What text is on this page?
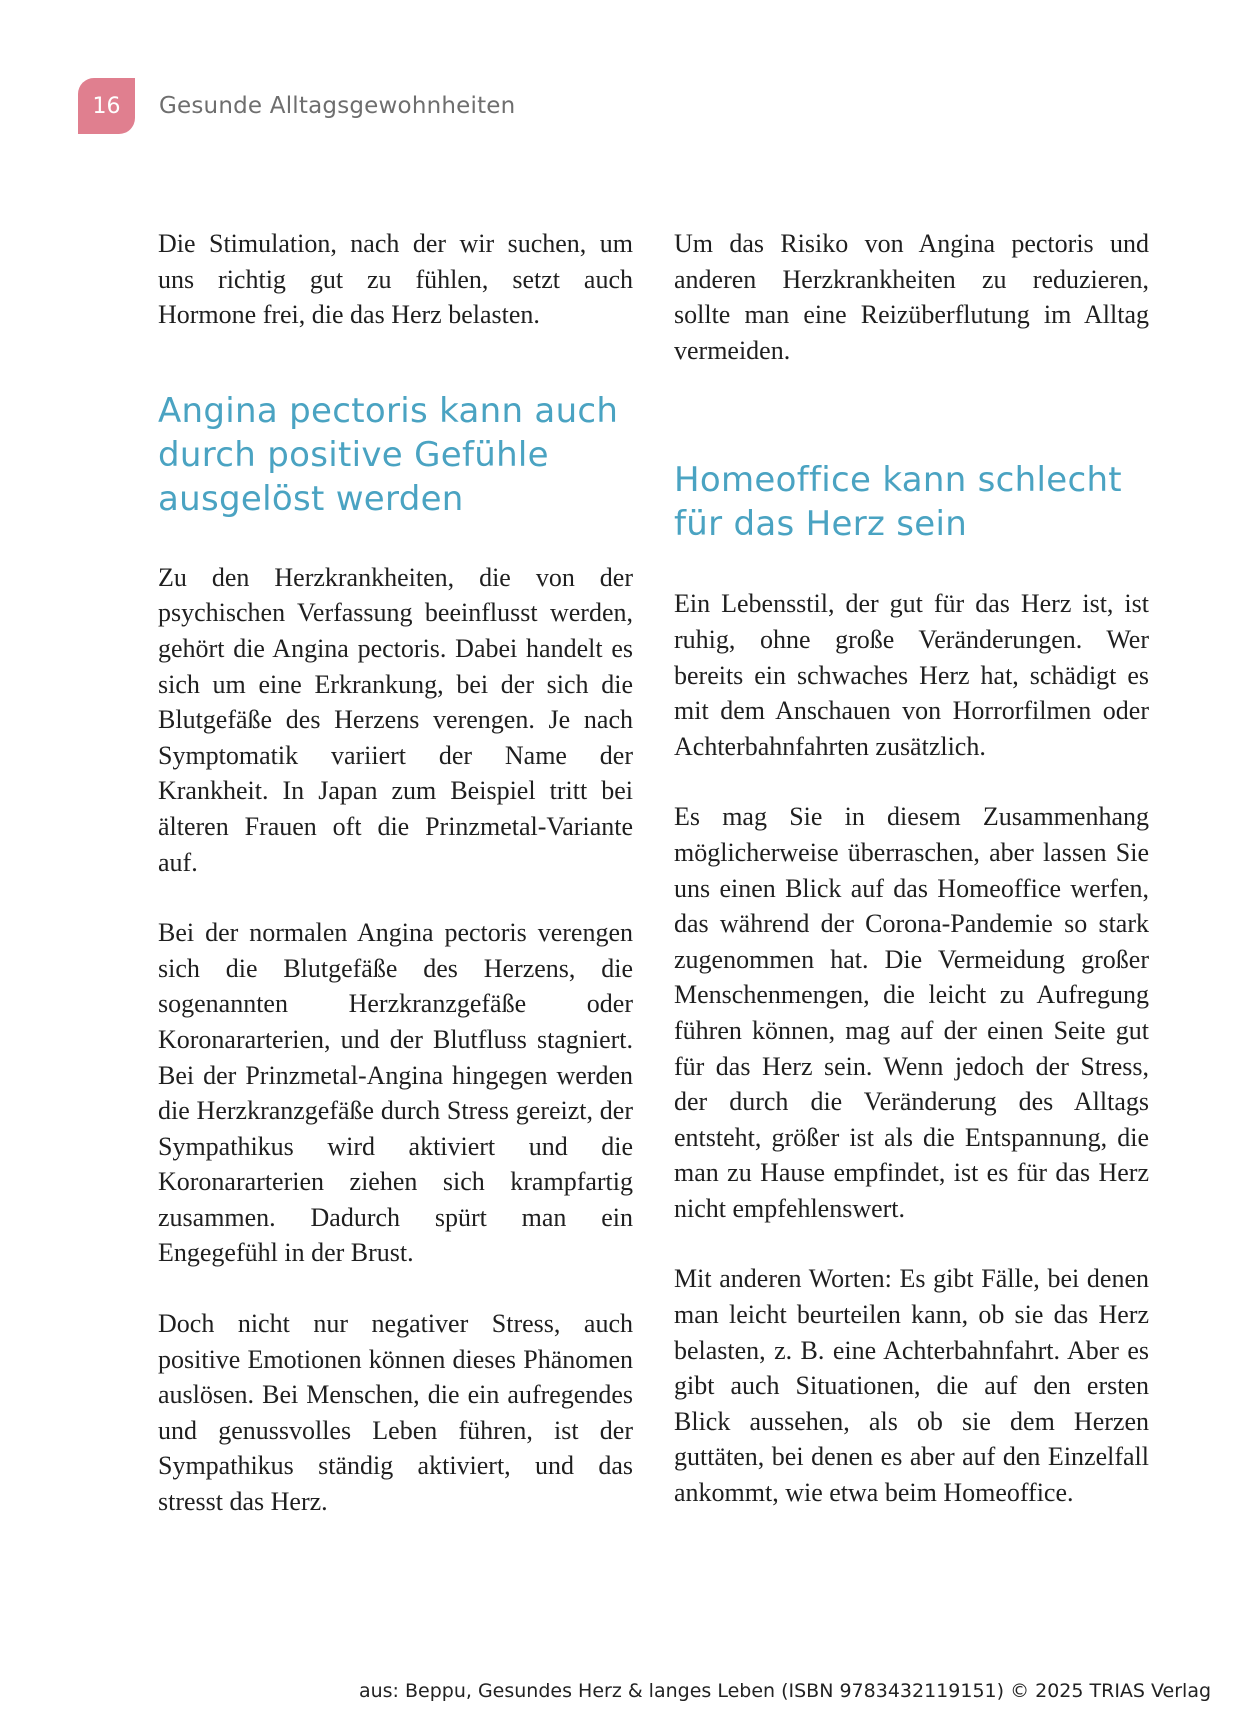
16	Gesunde Alltagsgewohnheiten

Die Stimulation, nach der wir suchen, um uns richtig gut zu fühlen, setzt auch Hormone frei, die das Herz belasten.

Angina pectoris kann auch durch positive Gefühle ausgelöst werden

Zu den Herzkrankheiten, die von der psychischen Verfassung beeinflusst werden, gehört die Angina pectoris. Dabei handelt es sich um eine Erkrankung, bei der sich die Blutgefäße des Herzens verengen. Je nach Symptomatik variiert der Name der Krankheit. In Japan zum Beispiel tritt bei älteren Frauen oft die Prinzmetal-Variante auf.

Bei der normalen Angina pectoris verengen sich die Blutgefäße des Herzens, die sogenannten Herzkranzgefäße oder Koronararterien, und der Blutfluss stagniert. Bei der Prinzmetal-Angina hingegen werden die Herzkranzgefäße durch Stress gereizt, der Sympathikus wird aktiviert und die Koronararterien ziehen sich krampfartig zusammen. Dadurch spürt man ein Engegefühl in der Brust.

Doch nicht nur negativer Stress, auch positive Emotionen können dieses Phänomen auslösen. Bei Menschen, die ein aufregendes und genussvolles Leben führen, ist der Sympathikus ständig aktiviert, und das stresst das Herz.

Um das Risiko von Angina pectoris und anderen Herzkrankheiten zu reduzieren, sollte man eine Reizüberflutung im Alltag vermeiden.

Homeoffice kann schlecht für das Herz sein

Ein Lebensstil, der gut für das Herz ist, ist ruhig, ohne große Veränderungen. Wer bereits ein schwaches Herz hat, schädigt es mit dem Anschauen von Horrorfilmen oder Achterbahnfahrten zusätzlich.

Es mag Sie in diesem Zusammenhang möglicherweise überraschen, aber lassen Sie uns einen Blick auf das Homeoffice werfen, das während der Corona-Pandemie so stark zugenommen hat. Die Vermeidung großer Menschenmengen, die leicht zu Aufregung führen können, mag auf der einen Seite gut für das Herz sein. Wenn jedoch der Stress, der durch die Veränderung des Alltags entsteht, größer ist als die Entspannung, die man zu Hause empfindet, ist es für das Herz nicht empfehlenswert.

Mit anderen Worten: Es gibt Fälle, bei denen man leicht beurteilen kann, ob sie das Herz belasten, z. B. eine Achterbahnfahrt. Aber es gibt auch Situationen, die auf den ersten Blick aussehen, als ob sie dem Herzen guttäten, bei denen es aber auf den Einzelfall ankommt, wie etwa beim Homeoffice.

aus: Beppu, Gesundes Herz & langes Leben (ISBN 9783432119151) © 2025 TRIAS Verlag
